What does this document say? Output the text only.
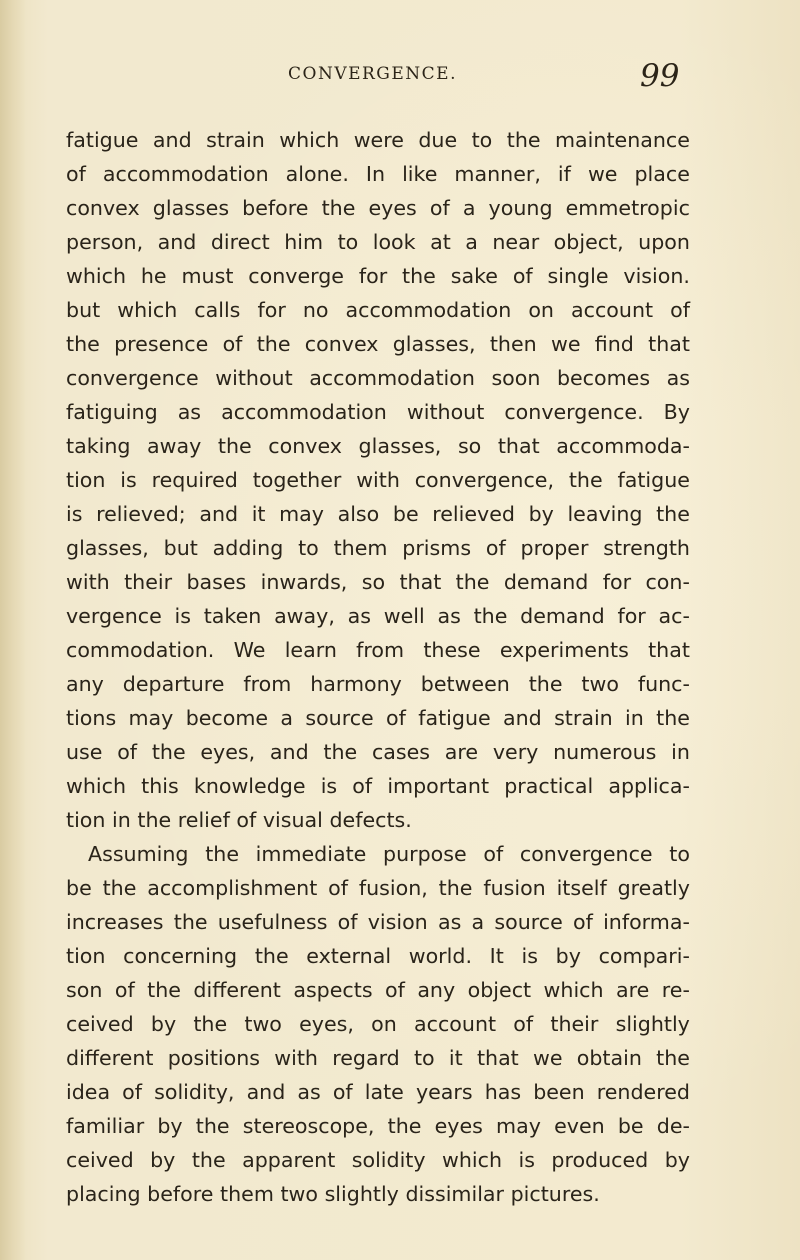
CONVERGENCE.	99
fatigue and strain which were due to the maintenance
of accommodation alone. In like manner, if we place
convex glasses before the eyes of a young emmetropic
person, and direct him to look at a near object, upon
which he must converge for the sake of single vision.
but which calls for no accommodation on account of
the presence of the convex glasses, then we find that
convergence without accommodation soon becomes as
fatiguing as accommodation without convergence. By
taking away the convex glasses, so that accommoda-
tion is required together with convergence, the fatigue
is relieved; and it may also be relieved by leaving the
glasses, but adding to them prisms of proper strength
with their bases inwards, so that the demand for con-
vergence is taken away, as well as the demand for ac-
commodation. We learn from these experiments that
any departure from harmony between the two func-
tions may become a source of fatigue and strain in the
use of the eyes, and the cases are very numerous in
which this knowledge is of important practical applica-
tion in the relief of visual defects.
Assuming the immediate purpose of convergence to
be the accomplishment of fusion, the fusion itself greatly
increases the usefulness of vision as a source of informa-
tion concerning the external world. It is by compari-
son of the different aspects of any object which are re-
ceived by the two eyes, on account of their slightly
different positions with regard to it that we obtain the
idea of solidity, and as of late years has been rendered
familiar by the stereoscope, the eyes may even be de-
ceived by the apparent solidity which is produced by
placing before them two slightly dissimilar pictures.
